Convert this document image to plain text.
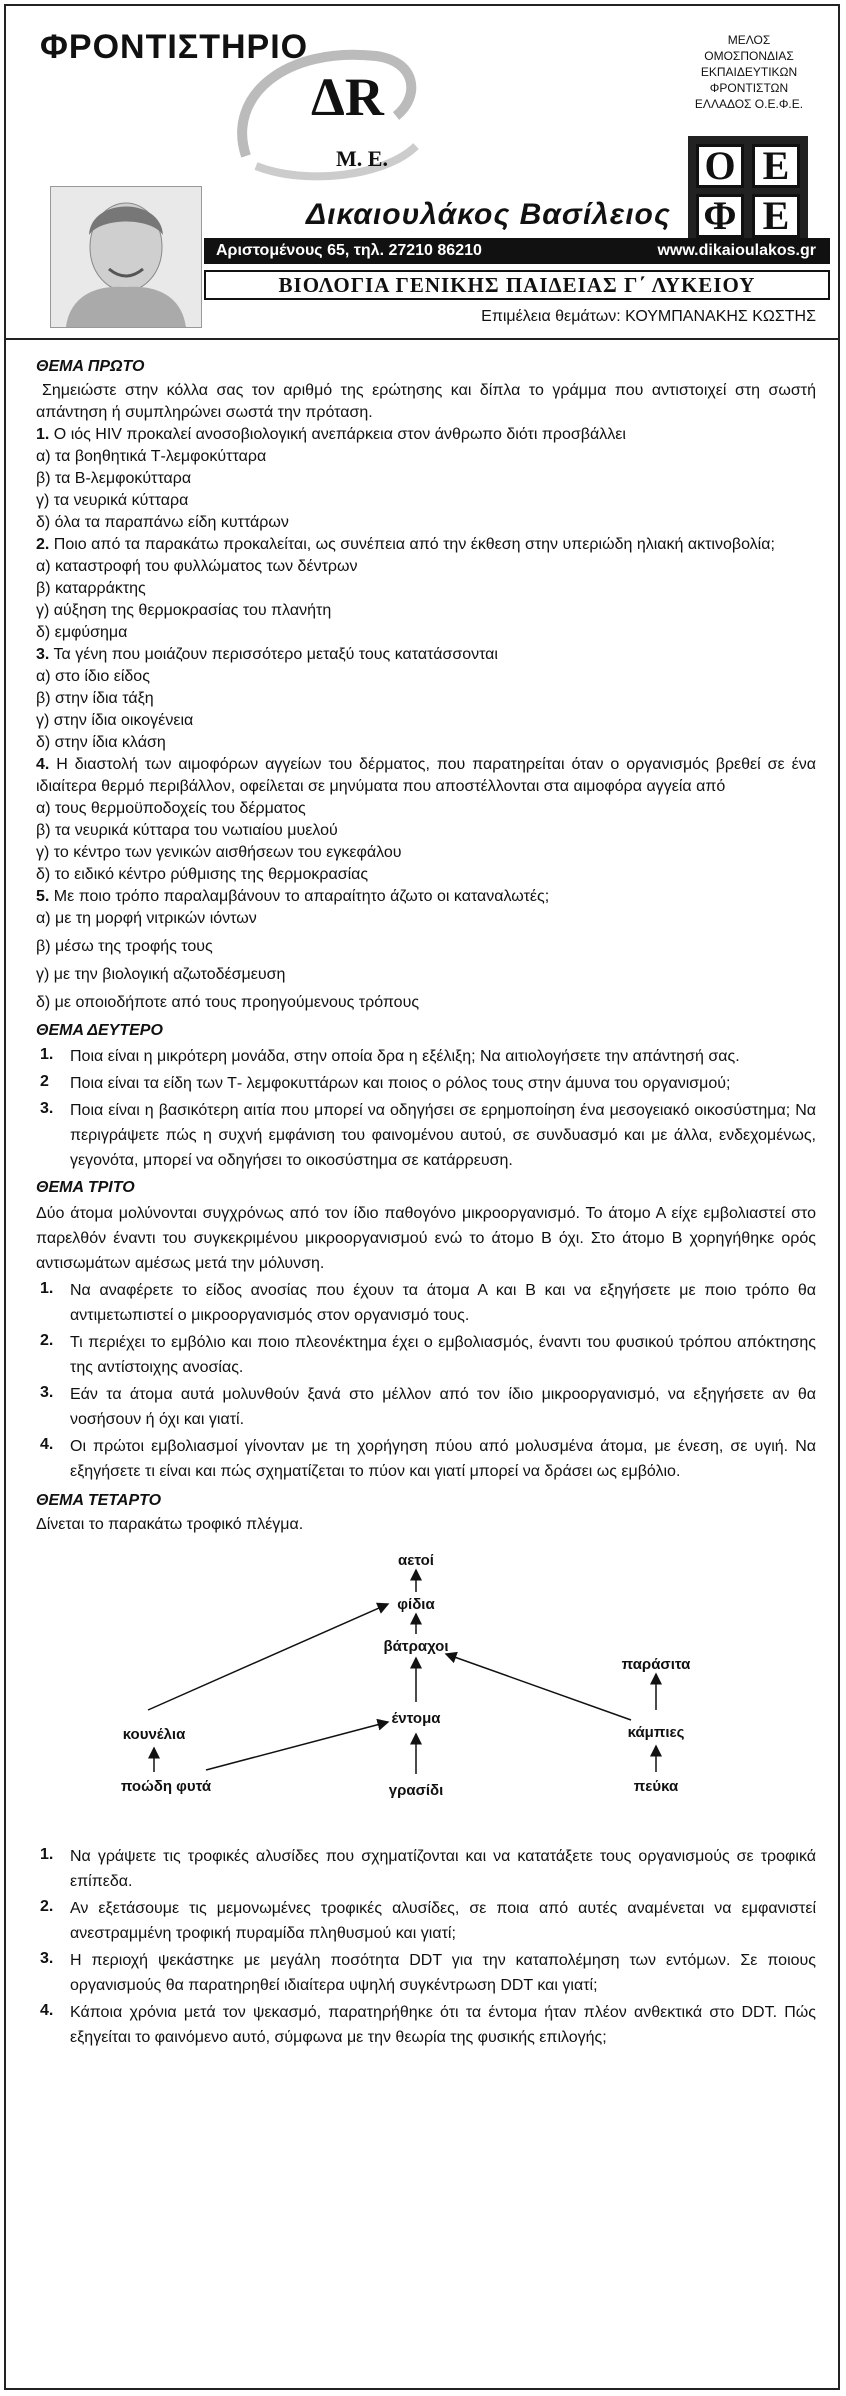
ΦΡΟΝΤΙΣΤΗΡΙΟ
ΔR
Μ. Ε.
ΜΕΛΟΣ
ΟΜΟΣΠΟΝΔΙΑΣ
ΕΚΠΑΙΔΕΥΤΙΚΩΝ
ΦΡΟΝΤΙΣΤΩΝ
ΕΛΛΑΔΟΣ Ο.Ε.Φ.Ε.
Ο Ε
Φ Ε
Δικαιουλάκος Βασίλειος
Αριστομένους 65, τηλ. 27210 86210	www.dikaioulakos.gr
ΒΙΟΛΟΓΙΑ ΓΕΝΙΚΗΣ ΠΑΙΔΕΙΑΣ Γ΄ ΛΥΚΕΙΟΥ
Επιμέλεια θεμάτων: ΚΟΥΜΠΑΝΑΚΗΣ ΚΩΣΤΗΣ
ΘΕΜΑ ΠΡΩΤΟ

Σημειώστε στην κόλλα σας τον αριθμό της ερώτησης και δίπλα το γράμμα που αντιστοιχεί στη σωστή απάντηση ή συμπληρώνει σωστά την πρόταση.

1. Ο ιός HIV προκαλεί ανοσοβιολογική ανεπάρκεια στον άνθρωπο διότι προσβάλλει

α) τα βοηθητικά Τ-λεμφοκύτταρα
β) τα Β-λεμφοκύτταρα
γ) τα νευρικά κύτταρα
δ) όλα τα παραπάνω είδη κυττάρων

2. Ποιο από τα παρακάτω προκαλείται, ως συνέπεια από την έκθεση στην υπεριώδη ηλιακή ακτινοβολία;

α) καταστροφή του φυλλώματος των δέντρων
β) καταρράκτης
γ) αύξηση της θερμοκρασίας του πλανήτη
δ) εμφύσημα

3. Τα γένη που μοιάζουν περισσότερο μεταξύ τους κατατάσσονται

α) στο ίδιο είδος
β) στην ίδια τάξη
γ) στην ίδια οικογένεια
δ) στην ίδια κλάση

4. Η διαστολή των αιμοφόρων αγγείων του δέρματος, που παρατηρείται όταν ο οργανισμός βρεθεί σε ένα ιδιαίτερα θερμό περιβάλλον, οφείλεται σε μηνύματα που αποστέλλονται στα αιμοφόρα αγγεία από

α) τους θερμοϋποδοχείς του δέρματος
β) τα νευρικά κύτταρα του νωτιαίου μυελού
γ) το κέντρο των γενικών αισθήσεων του εγκεφάλου
δ) το ειδικό κέντρο ρύθμισης της θερμοκρασίας

5. Με ποιο τρόπο παραλαμβάνουν το απαραίτητο άζωτο οι καταναλωτές;

α) με τη μορφή νιτρικών ιόντων
β) μέσω της τροφής τους
γ) με την βιολογική αζωτοδέσμευση
δ) με οποιοδήποτε από τους προηγούμενους τρόπους
ΘΕΜΑ ΔΕΥΤΕΡΟ
1.	Ποια είναι η μικρότερη μονάδα, στην οποία δρα η εξέλιξη; Να αιτιολογήσετε την απάντησή σας.
2	Ποια είναι τα είδη των Τ- λεμφοκυττάρων και ποιος ο ρόλος τους στην άμυνα του οργανισμού;
3.	Ποια είναι η βασικότερη αιτία που μπορεί να οδηγήσει σε ερημοποίηση ένα μεσογειακό οικοσύστημα; Να περιγράψετε πώς η συχνή εμφάνιση του φαινομένου αυτού, σε συνδυασμό και με άλλα, ενδεχομένως, γεγονότα, μπορεί να οδηγήσει το οικοσύστημα σε κατάρρευση.
ΘΕΜΑ ΤΡΙΤΟ

Δύο άτομα μολύνονται συγχρόνως από τον ίδιο παθογόνο μικροοργανισμό. Το άτομο Α είχε εμβολιαστεί στο παρελθόν έναντι του συγκεκριμένου μικροοργανισμού ενώ το άτομο Β όχι. Στο άτομο Β χορηγήθηκε ορός αντισωμάτων αμέσως μετά την μόλυνση.

1.	Να αναφέρετε το είδος ανοσίας που έχουν τα άτομα Α και Β και να εξηγήσετε με ποιο τρόπο θα αντιμετωπιστεί ο μικροοργανισμός στον οργανισμό τους.
2.	Τι περιέχει το εμβόλιο και ποιο πλεονέκτημα έχει ο εμβολιασμός, έναντι του φυσικού τρόπου απόκτησης της αντίστοιχης ανοσίας.
3.	Εάν τα άτομα αυτά μολυνθούν ξανά στο μέλλον από τον ίδιο μικροοργανισμό, να εξηγήσετε αν θα νοσήσουν ή όχι και γιατί.
4.	Οι πρώτοι εμβολιασμοί γίνονταν με τη χορήγηση πύου από μολυσμένα άτομα, με ένεση, σε υγιή. Να εξηγήσετε τι είναι και πώς σχηματίζεται το πύον και γιατί μπορεί να δράσει ως εμβόλιο.
ΘΕΜΑ ΤΕΤΑΡΤΟ

Δίνεται το παρακάτω τροφικό πλέγμα.

αετοί
φίδια
βάτραχοι
παράσιτα
κουνέλια
έντομα
κάμπιες
ποώδη φυτά	γρασίδι	πεύκα
1.	Να γράψετε τις τροφικές αλυσίδες που σχηματίζονται και να κατατάξετε τους οργανισμούς σε τροφικά επίπεδα.
2.	Αν εξετάσουμε τις μεμονωμένες τροφικές αλυσίδες, σε ποια από αυτές αναμένεται να εμφανιστεί ανεστραμμένη τροφική πυραμίδα πληθυσμού και γιατί;
3.	Η περιοχή ψεκάστηκε με μεγάλη ποσότητα DDT για την καταπολέμηση των εντόμων. Σε ποιους οργανισμούς θα παρατηρηθεί ιδιαίτερα υψηλή συγκέντρωση DDT και γιατί;
4.	Κάποια χρόνια μετά τον ψεκασμό, παρατηρήθηκε ότι τα έντομα ήταν πλέον ανθεκτικά στο DDT. Πώς εξηγείται το φαινόμενο αυτό, σύμφωνα με την θεωρία της φυσικής επιλογής;
